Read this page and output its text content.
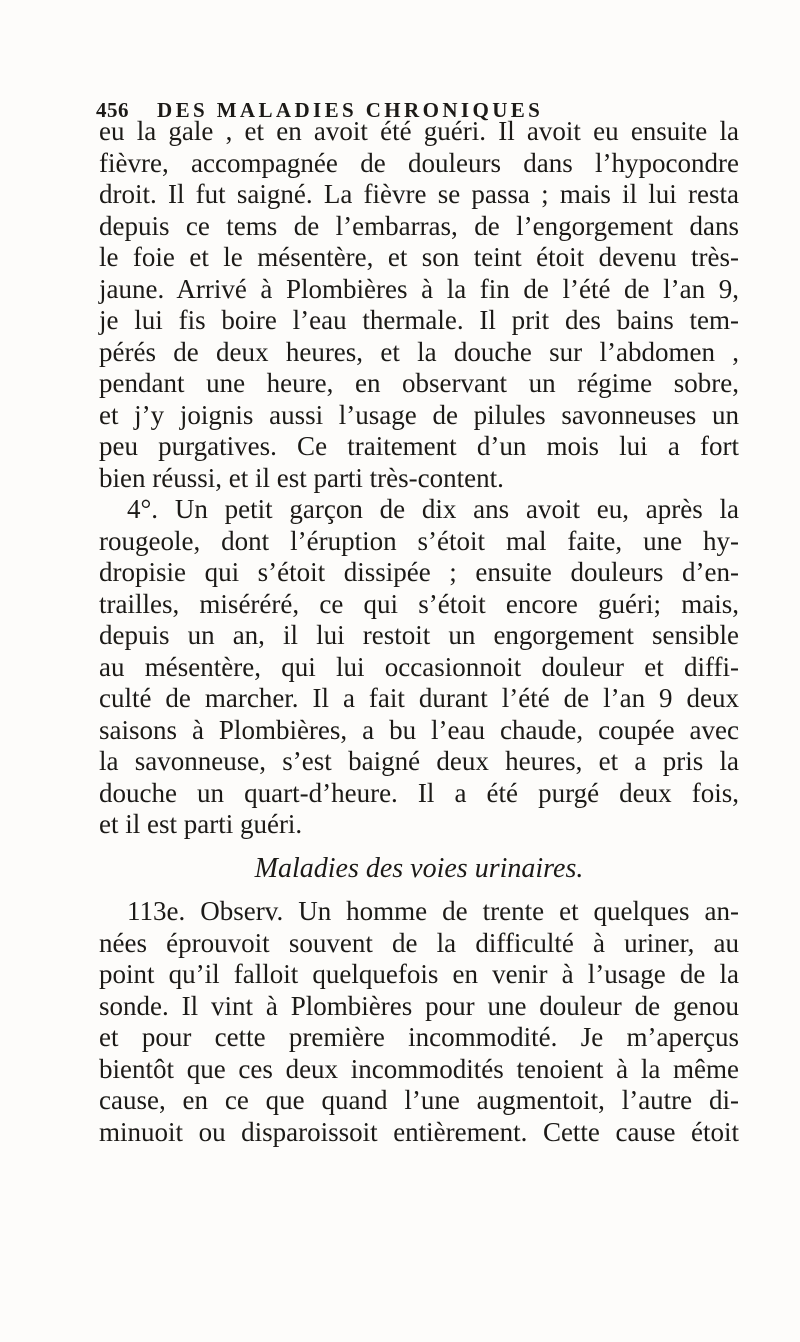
456 DES MALADIES CHRONIQUES
eu la gale , et en avoit été guéri. Il avoit eu ensuite la
fièvre, accompagnée de douleurs dans l’hypocondre
droit. Il fut saigné. La fièvre se passa ; mais il lui resta
depuis ce tems de l’embarras, de l’engorgement dans
le foie et le mésentère, et son teint étoit devenu très-
jaune. Arrivé à Plombières à la fin de l’été de l’an 9,
je lui fis boire l’eau thermale. Il prit des bains tem-
pérés de deux heures, et la douche sur l’abdomen ,
pendant une heure, en observant un régime sobre,
et j’y joignis aussi l’usage de pilules savonneuses un
peu purgatives. Ce traitement d’un mois lui a fort
bien réussi, et il est parti très-content.
4°. Un petit garçon de dix ans avoit eu, après la
rougeole, dont l’éruption s’étoit mal faite, une hy-
dropisie qui s’étoit dissipée ; ensuite douleurs d’en-
trailles, miséréré, ce qui s’étoit encore guéri; mais,
depuis un an, il lui restoit un engorgement sensible
au mésentère, qui lui occasionnoit douleur et diffi-
culté de marcher. Il a fait durant l’été de l’an 9 deux
saisons à Plombières, a bu l’eau chaude, coupée avec
la savonneuse, s’est baigné deux heures, et a pris la
douche un quart-d’heure. Il a été purgé deux fois,
et il est parti guéri.
Maladies des voies urinaires.
113e. Observ. Un homme de trente et quelques an-
nées éprouvoit souvent de la difficulté à uriner, au
point qu’il falloit quelquefois en venir à l’usage de la
sonde. Il vint à Plombières pour une douleur de genou
et pour cette première incommodité. Je m’aperçus
bientôt que ces deux incommodités tenoient à la même
cause, en ce que quand l’une augmentoit, l’autre di-
minuoit ou disparoissoit entièrement. Cette cause étoit
